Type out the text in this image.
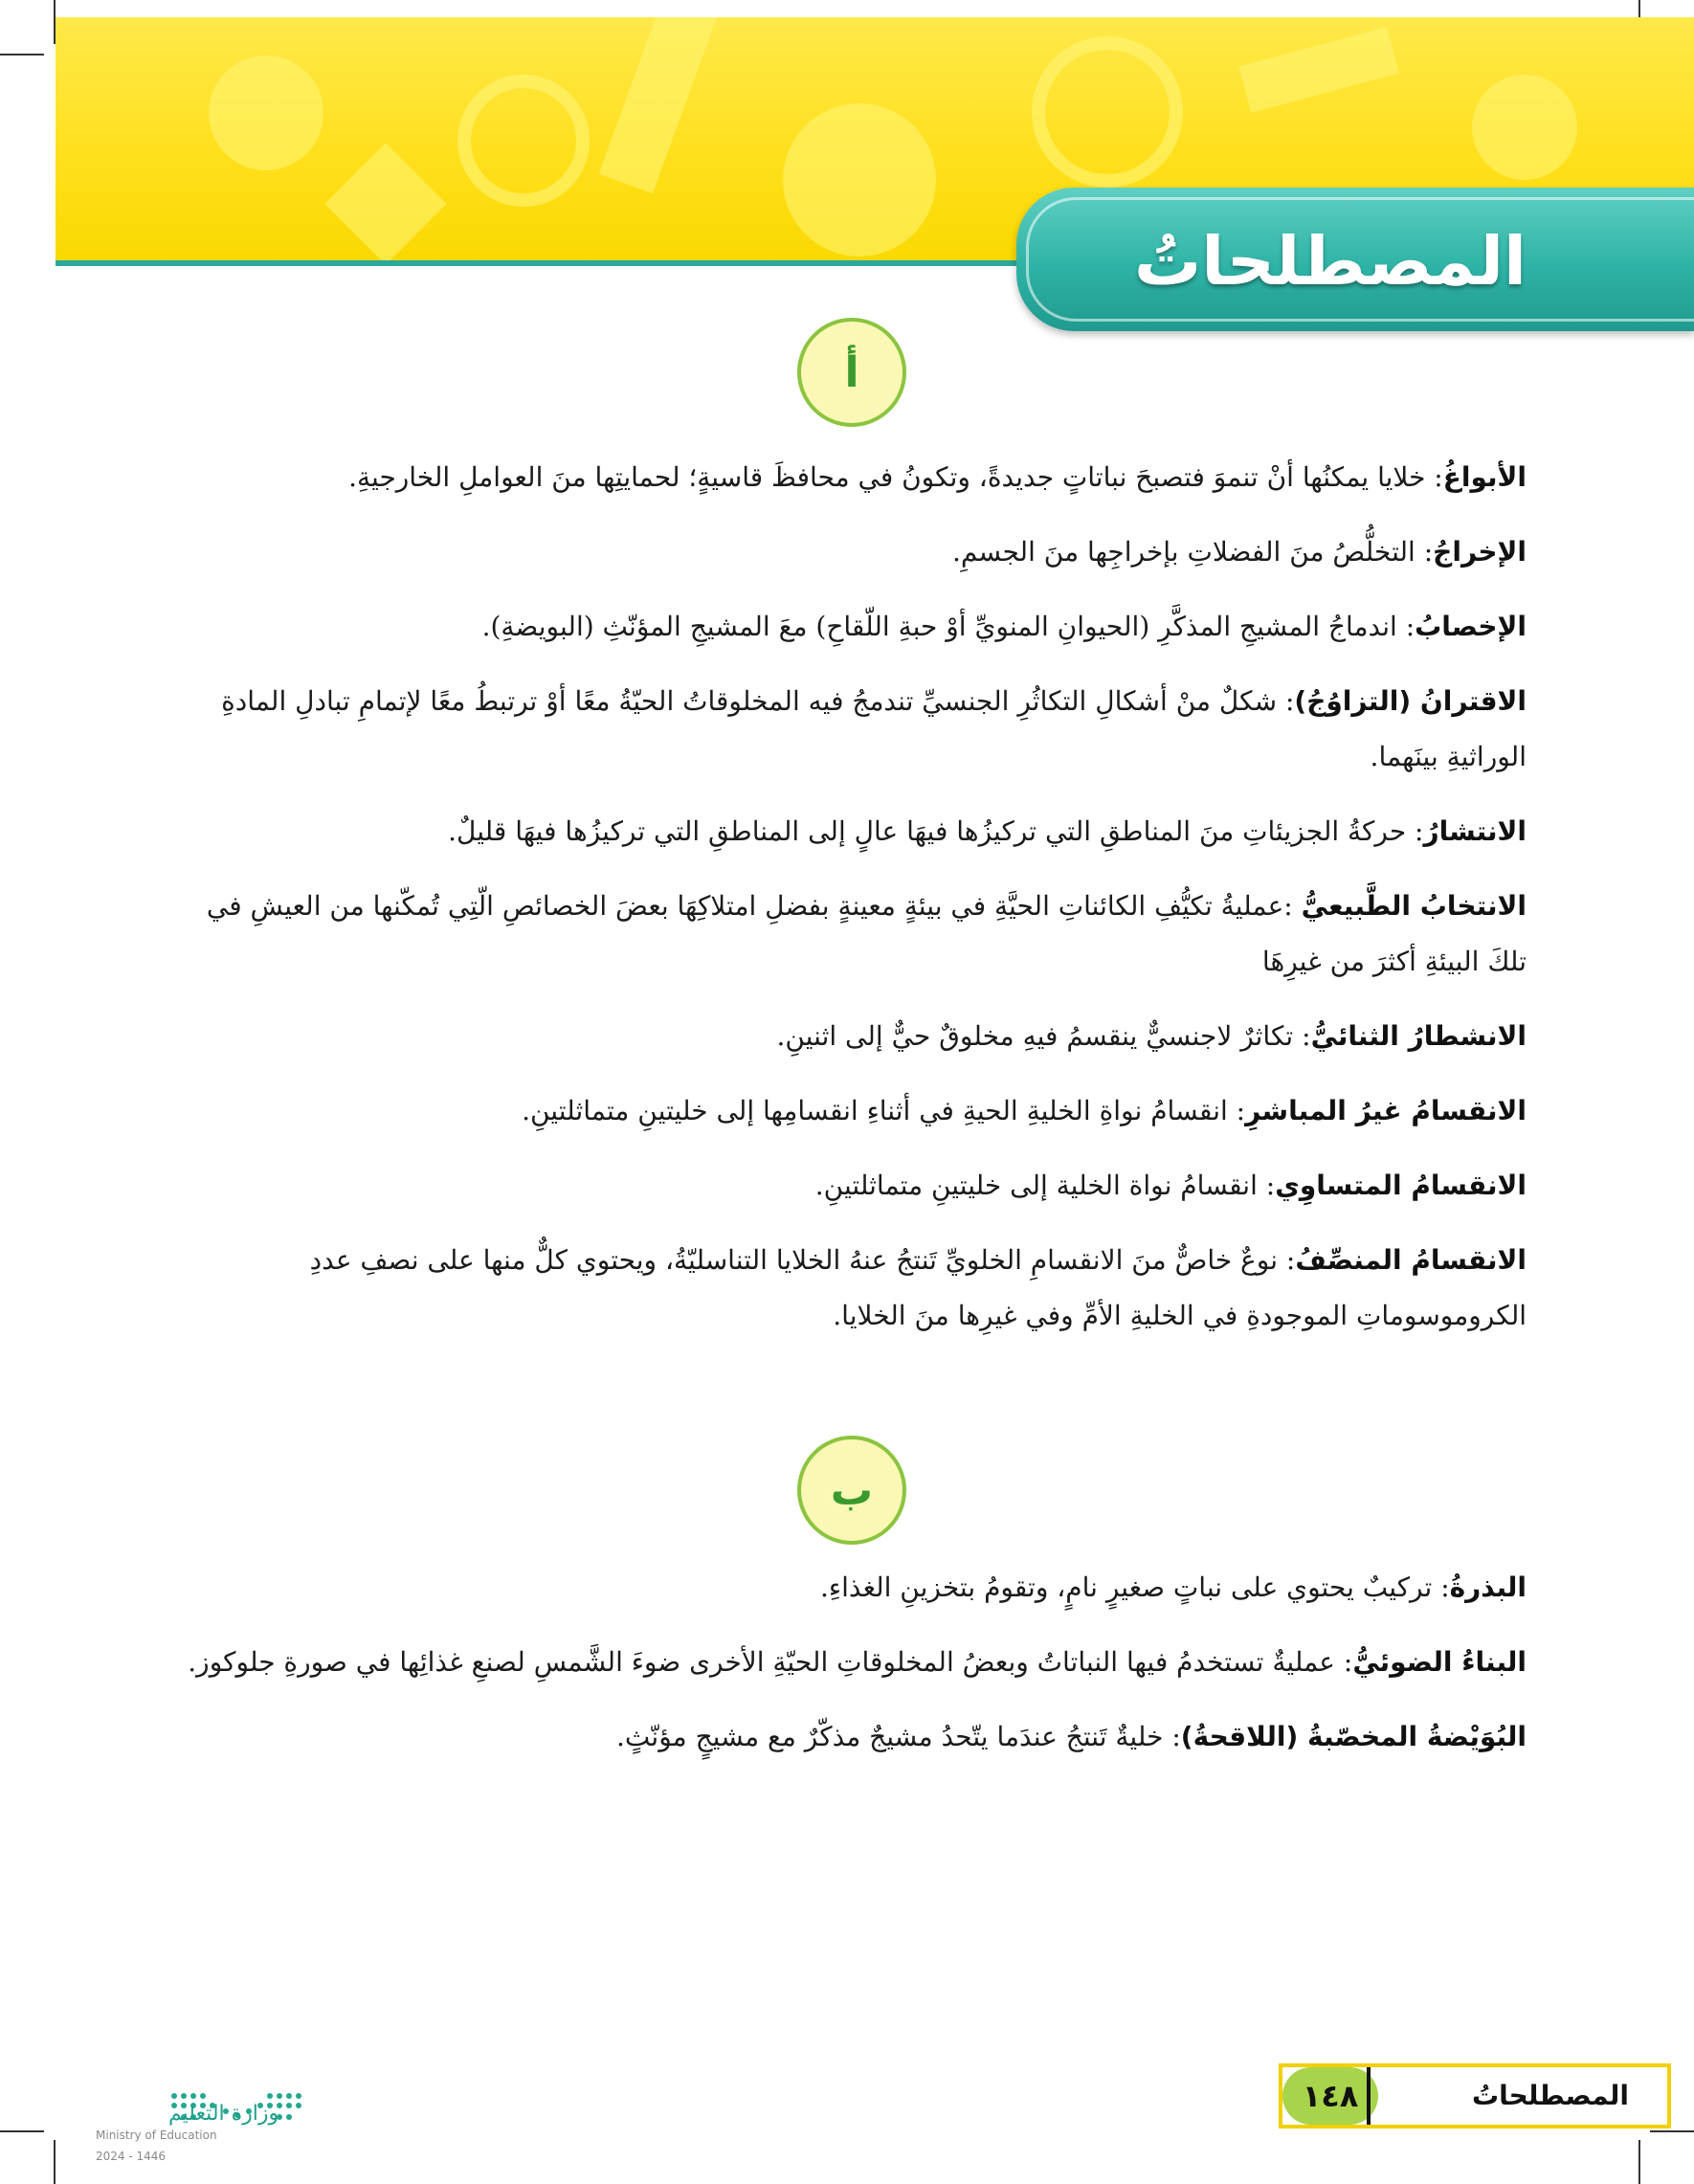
المصطلحاتُ
أ

الأبواغُ: خلايا يمكنُها أنْ تنموَ فتصبحَ نباتاتٍ جديدةً، وتكونُ في محافظَ قاسيةٍ؛ لحمايتِها منَ العواملِ الخارجيةِ.

الإخراجُ: التخلُّصُ منَ الفضلاتِ بإخراجِها منَ الجسمِ.

الإخصابُ: اندماجُ المشيجِ المذكَّرِ (الحيوانِ المنويِّ أوْ حبةِ اللّقاحِ) معَ المشيجِ المؤنّثِ (البويضةِ).

الاقترانُ (التزاوُجُ): شكلٌ منْ أشكالِ التكاثُرِ الجنسيِّ تندمجُ فيه المخلوقاتُ الحيّةُ معًا أوْ ترتبطُ معًا لإتمامِ تبادلِ المادةِ الوراثيةِ بينَهما.

الانتشارُ: حركةُ الجزيئاتِ منَ المناطقِ التي تركيزُها فيهَا عالٍ إلى المناطقِ التي تركيزُها فيهَا قليلٌ.

الانتخابُ الطَّبيعيُّ :عمليةُ تكيُّفِ الكائناتِ الحيَّةِ في بيئةٍ معينةٍ بفضلِ امتلاكِهَا بعضَ الخصائصِ الّتِي تُمكّنها من العيشِ في تلكَ البيئةِ أكثرَ من غيرِهَا

الانشطارُ الثنائيُّ: تكاثرٌ لاجنسيٌّ ينقسمُ فيهِ مخلوقٌ حيٌّ إلى اثنينِ.

الانقسامُ غيرُ المباشرِ: انقسامُ نواةِ الخليةِ الحيةِ في أثناءِ انقسامِها إلى خليتينِ متماثلتينِ.

الانقسامُ المتساوِي: انقسامُ نواة الخلية إلى خليتينِ متماثلتينِ.

الانقسامُ المنصِّفُ: نوعٌ خاصٌّ منَ الانقسامِ الخلويِّ تَنتجُ عنهُ الخلايا التناسليّةُ، ويحتوي كلٌّ منها على نصفِ عددِ الكروموسوماتِ الموجودةِ في الخليةِ الأمِّ وفي غيرِها منَ الخلايا.

ب

البذرةُ: تركيبٌ يحتوي على نباتٍ صغيرٍ نامٍ، وتقومُ بتخزينِ الغذاءِ.

البناءُ الضوئيُّ: عمليةٌ تستخدمُ فيها النباتاتُ وبعضُ المخلوقاتِ الحيّةِ الأخرى ضوءَ الشَّمسِ لصنعِ غذائِها في صورةِ جلوكوز.

البُوَيْضةُ المخصّبةُ (اللاقحةُ): خليةٌ تَنتجُ عندَما يتّحدُ مشيجٌ مذكّرٌ مع مشيجٍ مؤنّثٍ.

المصطلحاتُ
١٤٨
وزارة التعليم
Ministry of Education
2024 - 1446
